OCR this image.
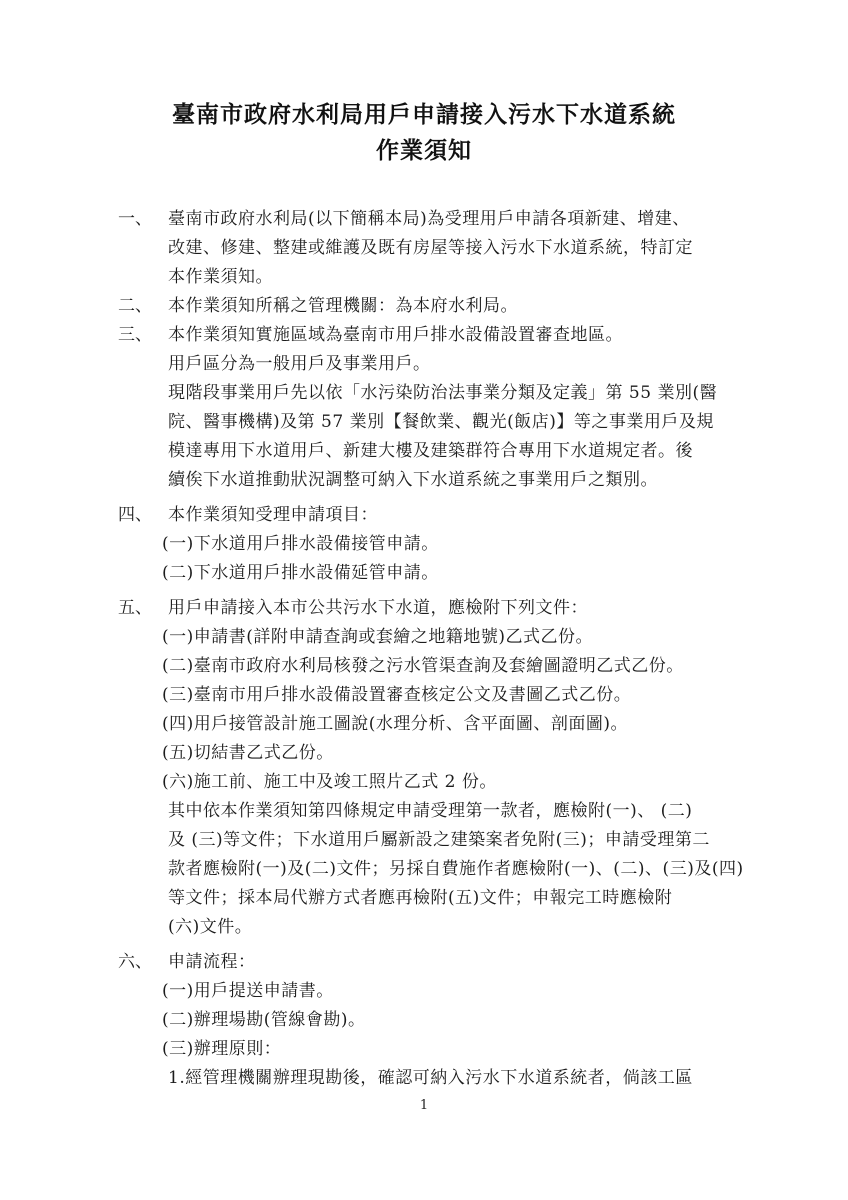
臺南市政府水利局用戶申請接入污水下水道系統
作業須知
一、 臺南市政府水利局(以下簡稱本局)為受理用戶申請各項新建、增建、
改建、修建、整建或維護及既有房屋等接入污水下水道系統，特訂定
本作業須知。
二、 本作業須知所稱之管理機關：為本府水利局。
三、 本作業須知實施區域為臺南市用戶排水設備設置審查地區。
用戶區分為一般用戶及事業用戶。
現階段事業用戶先以依「水污染防治法事業分類及定義」第 55 業別(醫
院、醫事機構)及第 57 業別【餐飲業、觀光(飯店)】等之事業用戶及規
模達專用下水道用戶、新建大樓及建築群符合專用下水道規定者。後
續俟下水道推動狀況調整可納入下水道系統之事業用戶之類別。
四、 本作業須知受理申請項目：
(一)下水道用戶排水設備接管申請。
(二)下水道用戶排水設備延管申請。
五、 用戶申請接入本市公共污水下水道，應檢附下列文件：
(一)申請書(詳附申請查詢或套繪之地籍地號)乙式乙份。
(二)臺南市政府水利局核發之污水管渠查詢及套繪圖證明乙式乙份。
(三)臺南市用戶排水設備設置審查核定公文及書圖乙式乙份。
(四)用戶接管設計施工圖說(水理分析、含平面圖、剖面圖)。
(五)切結書乙式乙份。
(六)施工前、施工中及竣工照片乙式 2 份。
其中依本作業須知第四條規定申請受理第一款者，應檢附(一)、 (二)
及 (三)等文件；下水道用戶屬新設之建築案者免附(三)；申請受理第二
款者應檢附(一)及(二)文件；另採自費施作者應檢附(一)、(二)、(三)及(四)
等文件；採本局代辦方式者應再檢附(五)文件；申報完工時應檢附
(六)文件。
六、 申請流程：
(一)用戶提送申請書。
(二)辦理場勘(管線會勘)。
(三)辦理原則：
1.經管理機關辦理現勘後，確認可納入污水下水道系統者，倘該工區
1
